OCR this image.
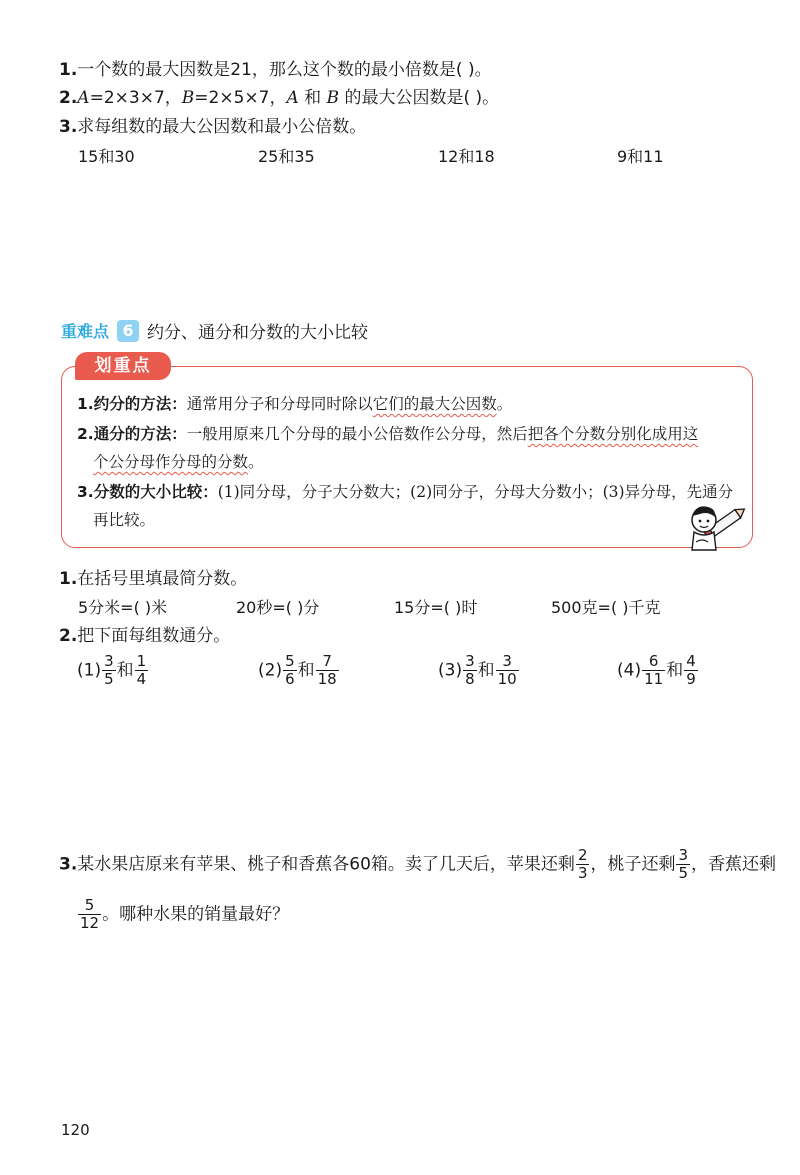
1.一个数的最大因数是21，那么这个数的最小倍数是( )。
2.A=2×3×7，B=2×5×7，A 和 B 的最大公因数是( )。
3.求每组数的最大公因数和最小公倍数。
15和30	25和35	12和18	9和11
重难点 6 约分、通分和分数的大小比较
划重点
1.约分的方法：通常用分子和分母同时除以它们的最大公因数。
2.通分的方法：一般用原来几个分母的最小公倍数作公分母，然后把各个分数分别化成用这
个公分母作分母的分数。
3.分数的大小比较：(1)同分母，分子大分数大；(2)同分子，分母大分数小；(3)异分母，先通分
再比较。
1.在括号里填最简分数。
5分米=( )米	20秒=( )分	15分=( )时	500克=( )千克
2.把下面每组数通分。
$(1) \frac{3}{5}$ 和 $\frac{1}{4}$	$(2) \frac{5}{6}$ 和 $\frac{7}{18}$	$(3) \frac{3}{8}$ 和 $\frac{3}{10}$	$(4) \frac{6}{11}$ 和 $\frac{4}{9}$
3.某水果店原来有苹果、桃子和香蕉各60箱。卖了几天后，苹果还剩 $\frac{2}{3}$ ，桃子还剩 $\frac{3}{5}$ ，香蕉还剩
$\frac{5}{12}$ 。哪种水果的销量最好？
120
